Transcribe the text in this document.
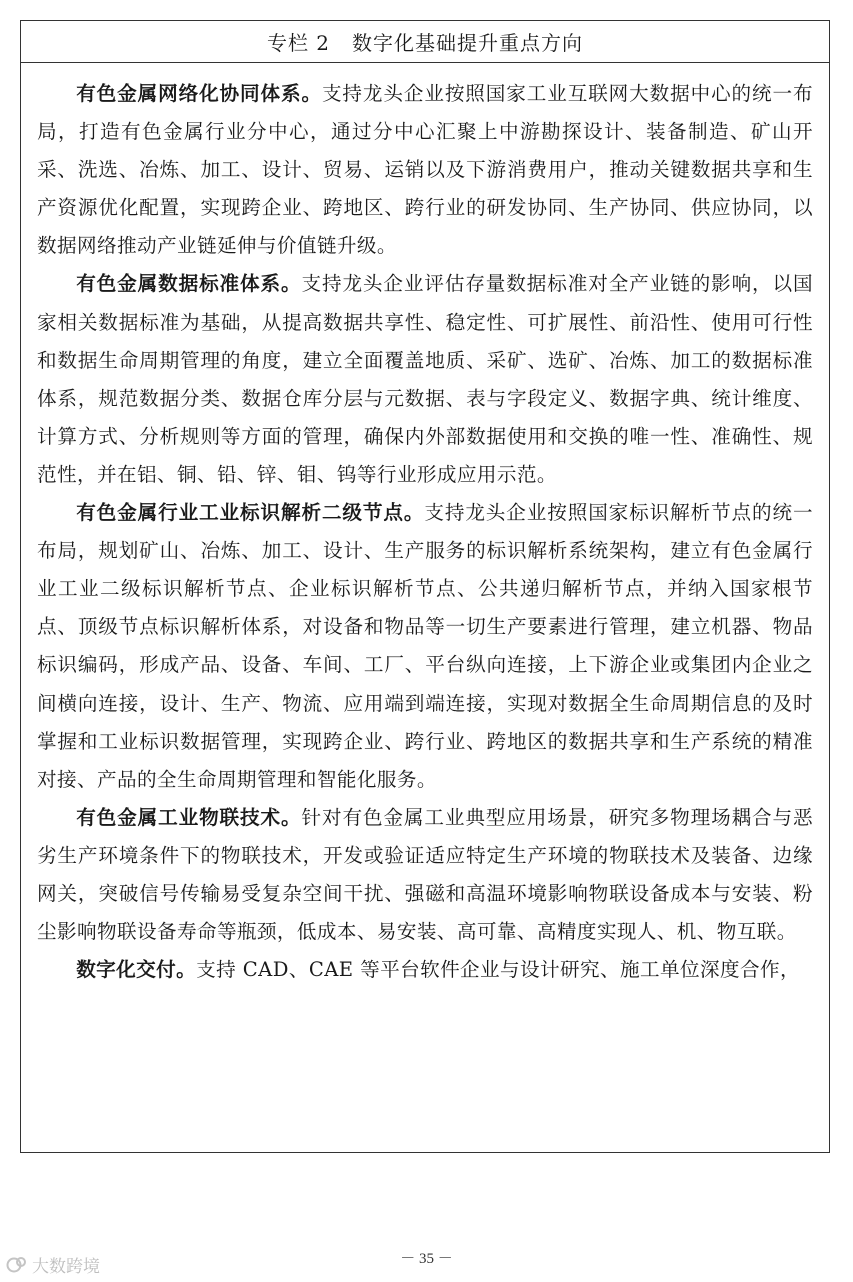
专栏 2 数字化基础提升重点方向

有色金属网络化协同体系。支持龙头企业按照国家工业互联网大数据中心的统一布局，打造有色金属行业分中心，通过分中心汇聚上中游勘探设计、装备制造、矿山开采、洗选、冶炼、加工、设计、贸易、运销以及下游消费用户，推动关键数据共享和生产资源优化配置，实现跨企业、跨地区、跨行业的研发协同、生产协同、供应协同，以数据网络推动产业链延伸与价值链升级。

有色金属数据标准体系。支持龙头企业评估存量数据标准对全产业链的影响，以国家相关数据标准为基础，从提高数据共享性、稳定性、可扩展性、前沿性、使用可行性和数据生命周期管理的角度，建立全面覆盖地质、采矿、选矿、冶炼、加工的数据标准体系，规范数据分类、数据仓库分层与元数据、表与字段定义、数据字典、统计维度、计算方式、分析规则等方面的管理，确保内外部数据使用和交换的唯一性、准确性、规范性，并在铝、铜、铅、锌、钼、钨等行业形成应用示范。

有色金属行业工业标识解析二级节点。支持龙头企业按照国家标识解析节点的统一布局，规划矿山、冶炼、加工、设计、生产服务的标识解析系统架构，建立有色金属行业工业二级标识解析节点、企业标识解析节点、公共递归解析节点，并纳入国家根节点、顶级节点标识解析体系，对设备和物品等一切生产要素进行管理，建立机器、物品标识编码，形成产品、设备、车间、工厂、平台纵向连接，上下游企业或集团内企业之间横向连接，设计、生产、物流、应用端到端连接，实现对数据全生命周期信息的及时掌握和工业标识数据管理，实现跨企业、跨行业、跨地区的数据共享和生产系统的精准对接、产品的全生命周期管理和智能化服务。

有色金属工业物联技术。针对有色金属工业典型应用场景，研究多物理场耦合与恶劣生产环境条件下的物联技术，开发或验证适应特定生产环境的物联技术及装备、边缘网关，突破信号传输易受复杂空间干扰、强磁和高温环境影响物联设备成本与安装、粉尘影响物联设备寿命等瓶颈，低成本、易安装、高可靠、高精度实现人、机、物互联。

数字化交付。支持 CAD、CAE 等平台软件企业与设计研究、施工单位深度合作，

－ 35 －
大数跨境
